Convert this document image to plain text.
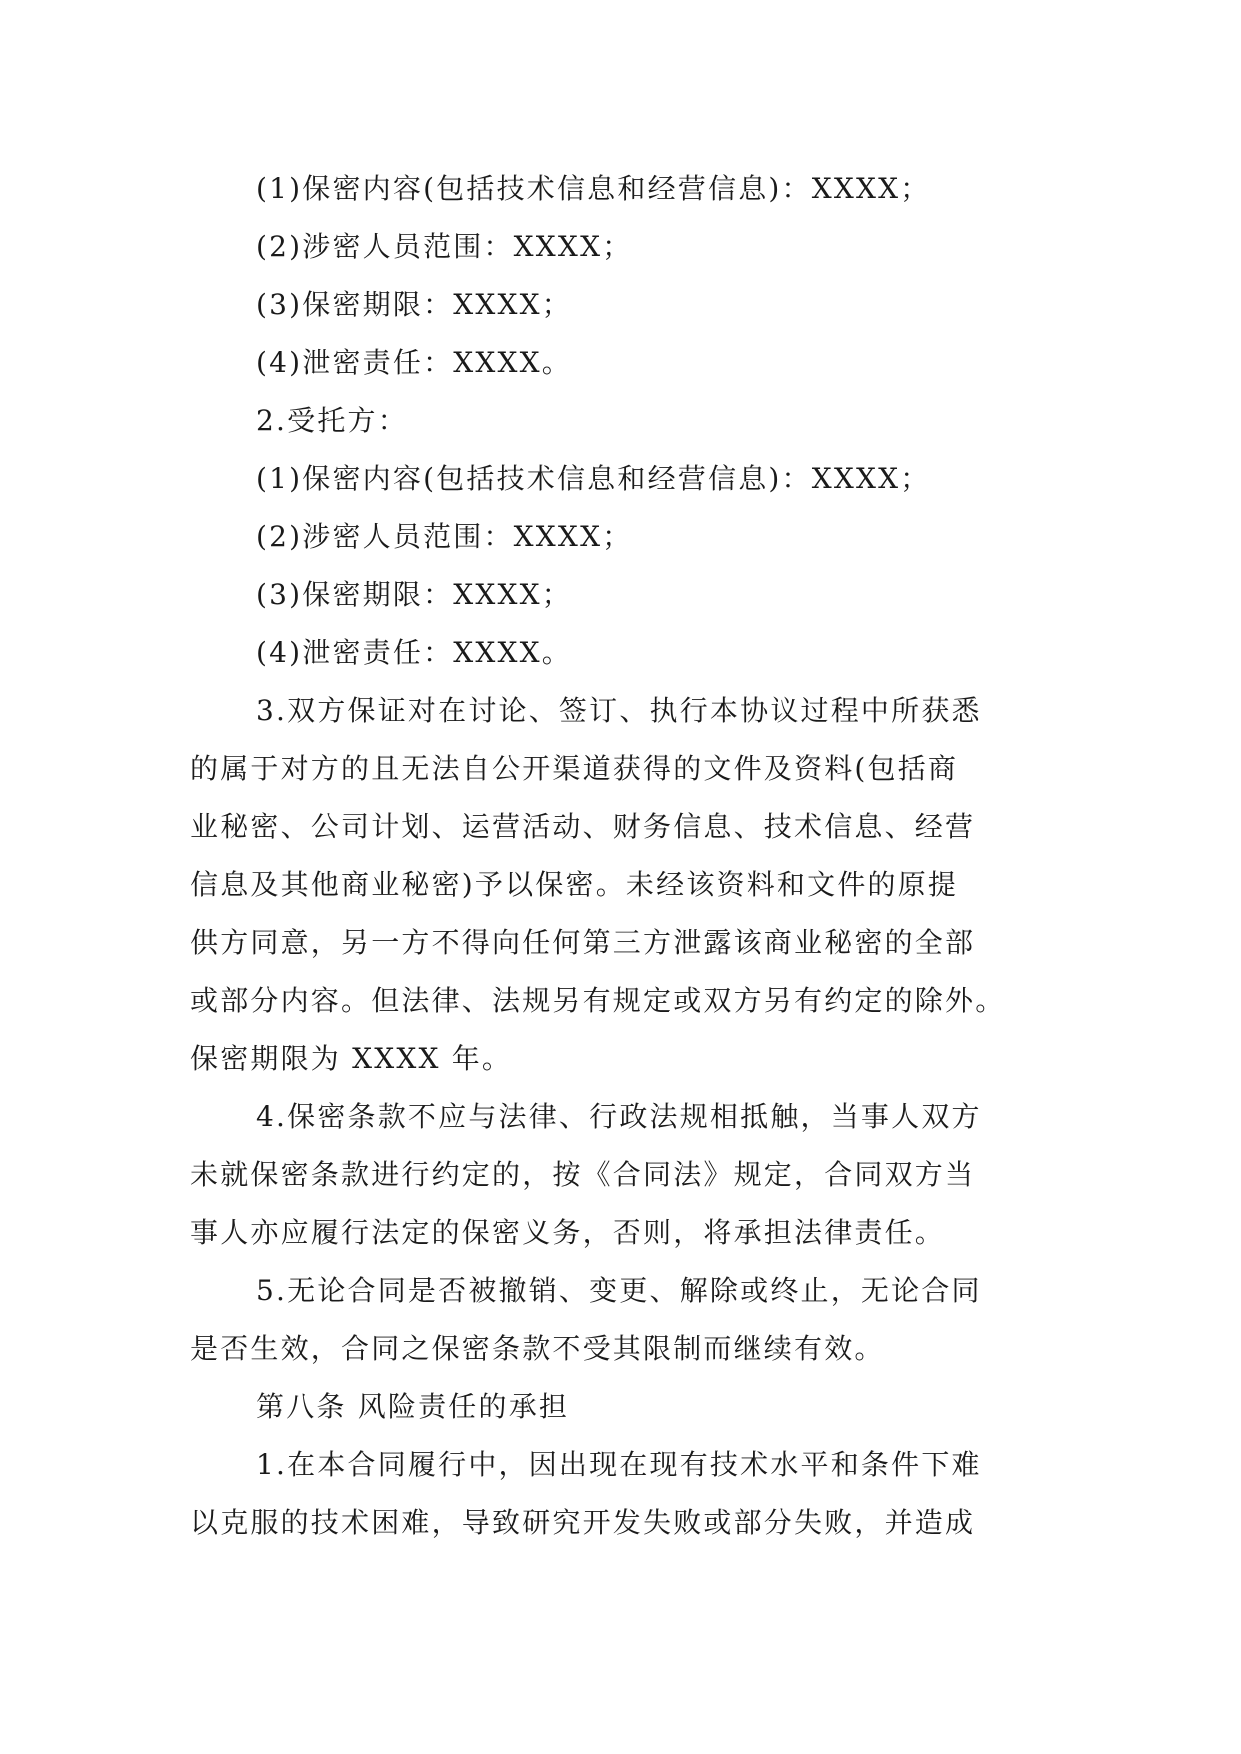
(1)保密内容(包括技术信息和经营信息)：XXXX；
(2)涉密人员范围：XXXX；
(3)保密期限：XXXX；
(4)泄密责任：XXXX。
2.受托方：
(1)保密内容(包括技术信息和经营信息)：XXXX；
(2)涉密人员范围：XXXX；
(3)保密期限：XXXX；
(4)泄密责任：XXXX。
3.双方保证对在讨论、签订、执行本协议过程中所获悉
的属于对方的且无法自公开渠道获得的文件及资料(包括商
业秘密、公司计划、运营活动、财务信息、技术信息、经营
信息及其他商业秘密)予以保密。未经该资料和文件的原提
供方同意，另一方不得向任何第三方泄露该商业秘密的全部
或部分内容。但法律、法规另有规定或双方另有约定的除外。
保密期限为 XXXX 年。
4.保密条款不应与法律、行政法规相抵触，当事人双方
未就保密条款进行约定的，按《合同法》规定，合同双方当
事人亦应履行法定的保密义务，否则，将承担法律责任。
5.无论合同是否被撤销、变更、解除或终止，无论合同
是否生效，合同之保密条款不受其限制而继续有效。
第八条 风险责任的承担
1.在本合同履行中，因出现在现有技术水平和条件下难
以克服的技术困难，导致研究开发失败或部分失败，并造成
